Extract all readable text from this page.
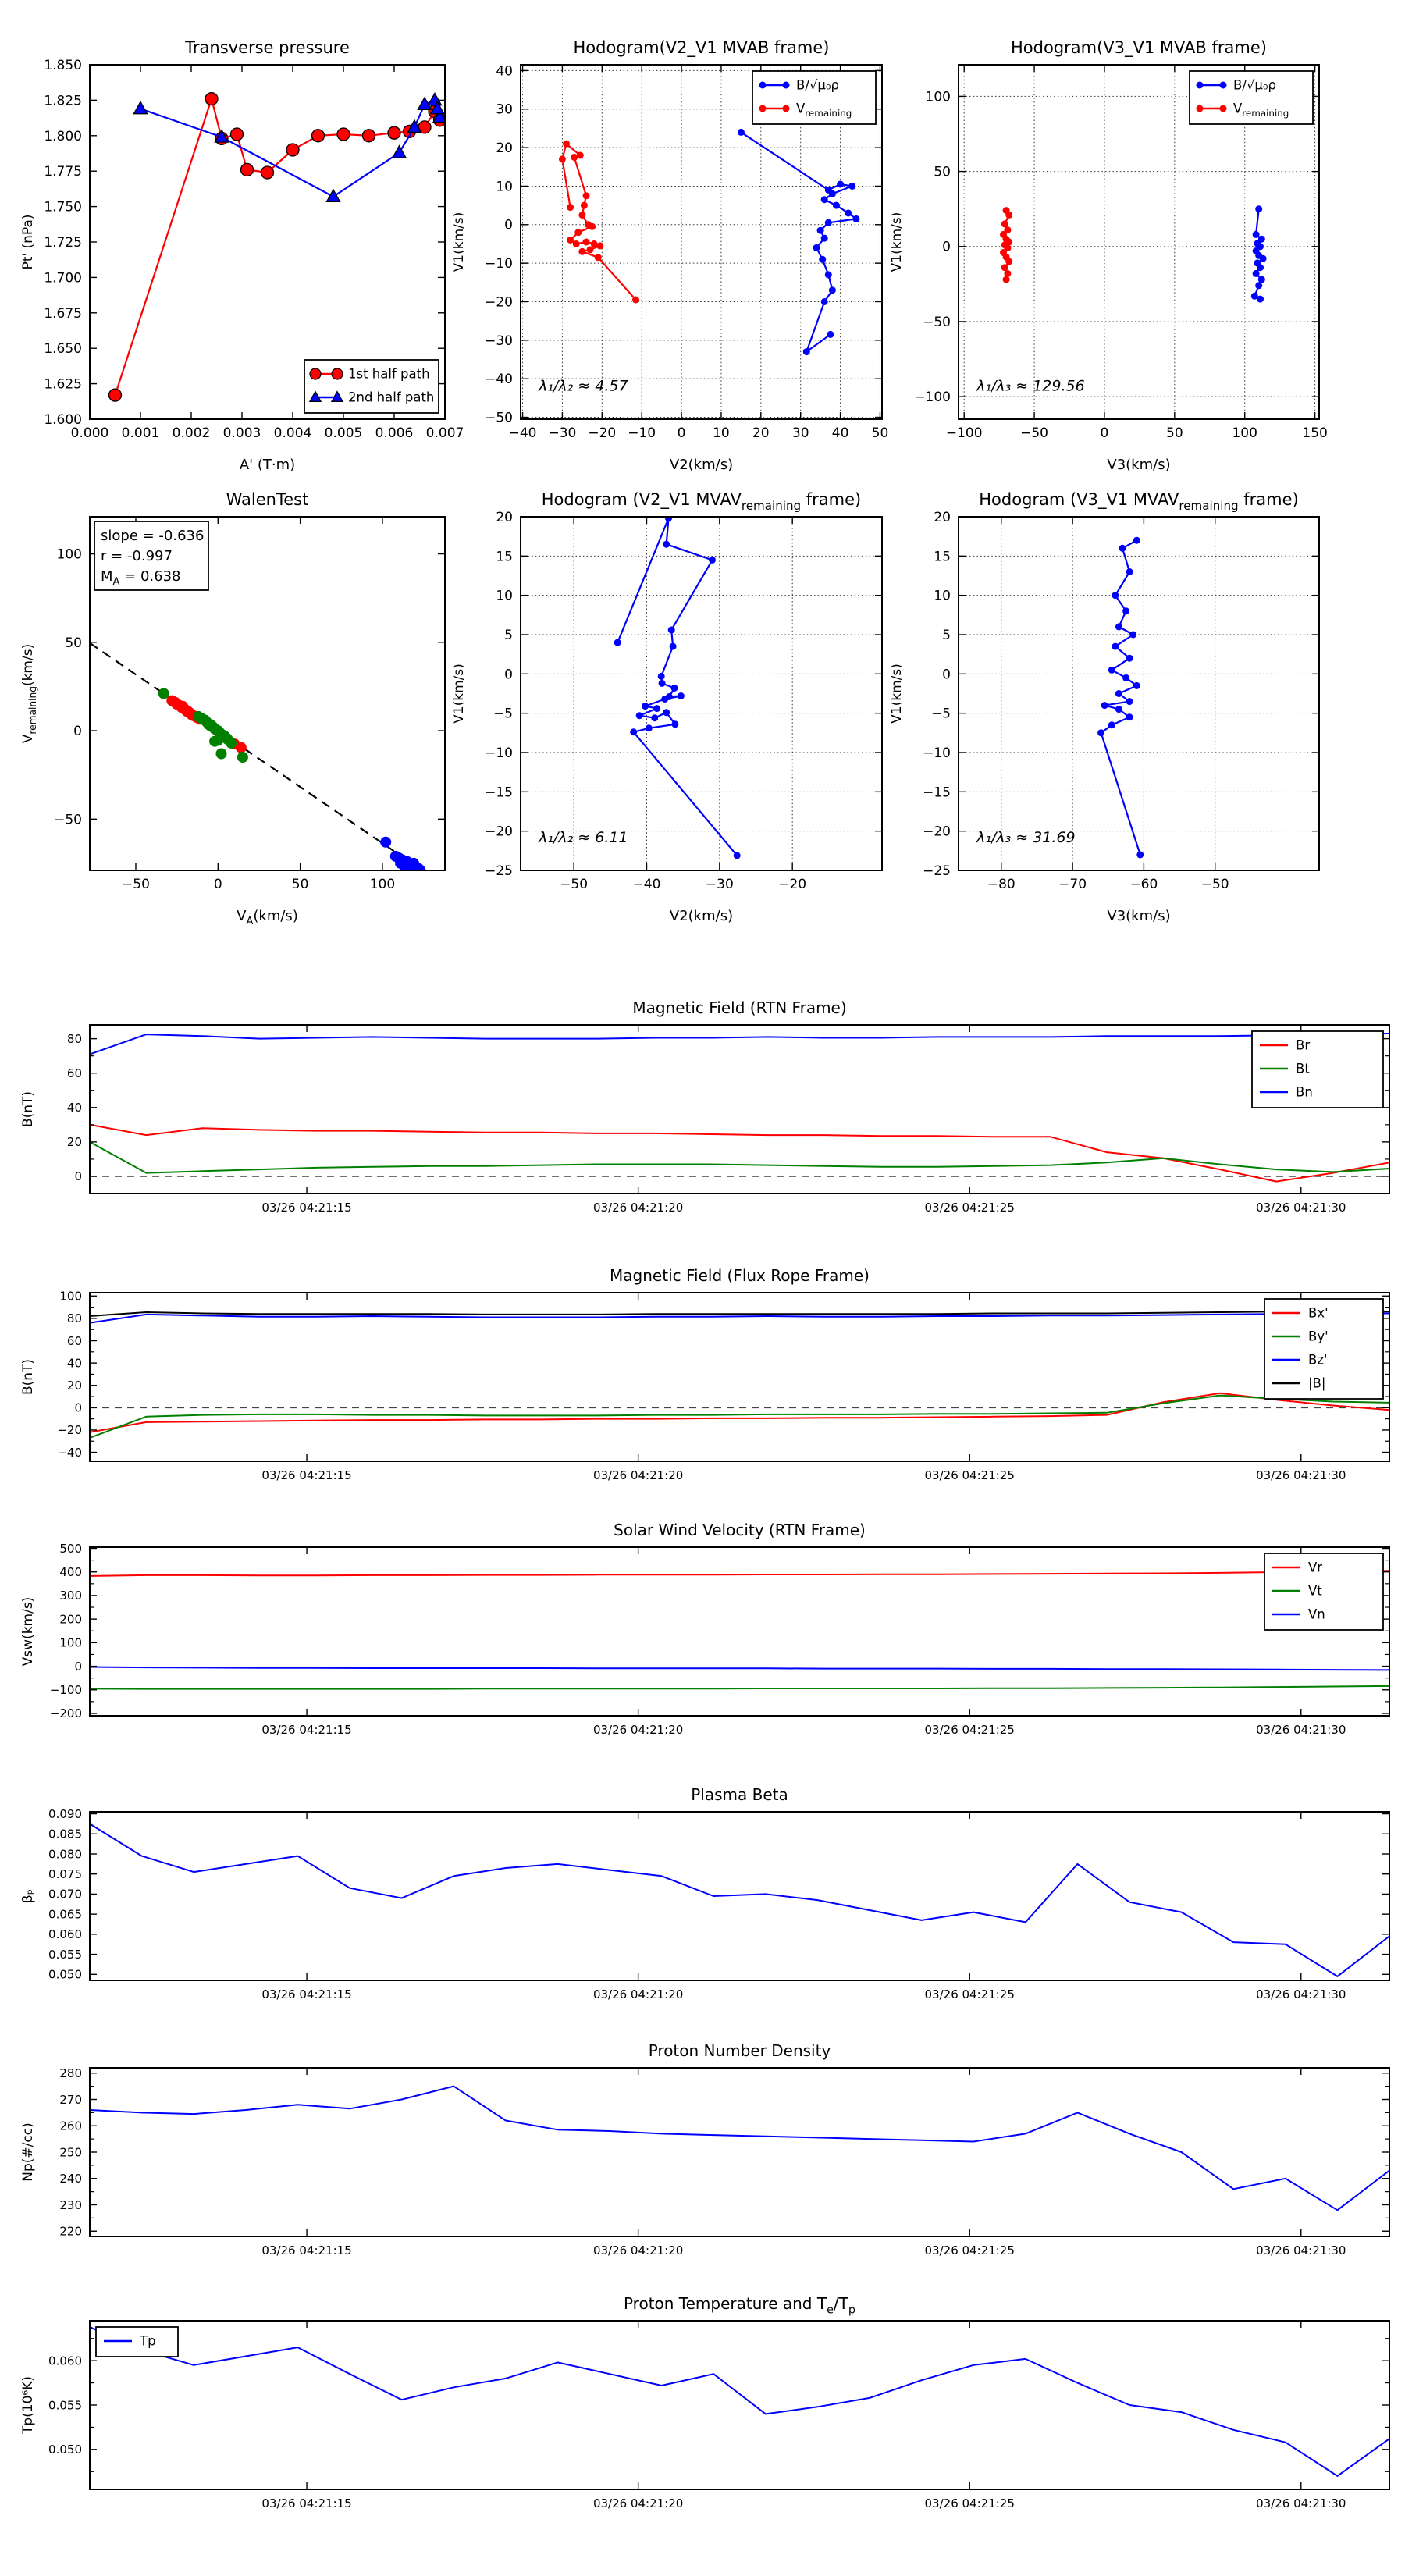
0.000 0.001 0.002 0.003 0.004 0.005 0.006 0.007
1.600
1.625
1.650
1.675
1.700
1.725
1.750
1.775
1.800
1.825
1.850
Transverse pressure
A' (T·m)
Pt' (nPa)
1st half path
2nd half path
−40 −30 −20 −10 0 10 20 30 40 50
−50
−40
−30
−20
−10
0
10
20
30
40
Hodogram(V2_V1 MVAB frame)
V2(km/s)
V1(km/s)
λ₁/λ₂ ≈ 4.57
B/√μ₀ρ
$V_{remaining}$
−100	−50	0	50	100	150
−100
−50
0
50
100
Hodogram(V3_V1 MVAB frame)
V3(km/s)
V1(km/s)
λ₁/λ₃ ≈ 129.56
B/√μ₀ρ
$V_{remaining}$
−50	0	50	100
−50
0
50
100
WalenTest
$V_A(km/s)$
$V_{remaining}(km/s)$
slope = -0.636
r = -0.997
$M_A = 0.638$
−50	−40	−30	−20
−25
−20
−15
−10
−5
0
5
10
15
20
Hodogram (V2_V1 $MVAV_{remaining}$ frame)
V2(km/s)
V1(km/s)
λ₁/λ₂ ≈ 6.11
−80	−70	−60	−50
−25
−20
−15
−10
−5
0
5
10
15
20
Hodogram (V3_V1 $MVAV_{remaining}$ frame)
V3(km/s)
V1(km/s)
λ₁/λ₃ ≈ 31.69
03/26 04:21:15	03/26 04:21:20	03/26 04:21:25	03/26 04:21:30
0
20
40
60
80
Magnetic Field (RTN Frame)
B(nT)
Br
Bt
Bn
03/26 04:21:15	03/26 04:21:20	03/26 04:21:25	03/26 04:21:30
−40
−20
0
20
40
60
80
100
Magnetic Field (Flux Rope Frame)
B(nT)
Bx'
By'
Bz'
|B|
03/26 04:21:15	03/26 04:21:20	03/26 04:21:25	03/26 04:21:30
−200
−100
0
100
200
300
400
500
Solar Wind Velocity (RTN Frame)
Vsw(km/s)
Vr
Vt
Vn
03/26 04:21:15	03/26 04:21:20	03/26 04:21:25	03/26 04:21:30
0.050
0.055
0.060
0.065
0.070
0.075
0.080
0.085
0.090
Plasma Beta
βₚ
03/26 04:21:15	03/26 04:21:20	03/26 04:21:25	03/26 04:21:30
220
230
240
250
260
270
280
Proton Number Density
Np(#/cc)
03/26 04:21:15	03/26 04:21:20	03/26 04:21:25	03/26 04:21:30
0.050
0.055
0.060
Proton Temperature and $T_e/T_p$
Tp(10⁶K)
Tp
